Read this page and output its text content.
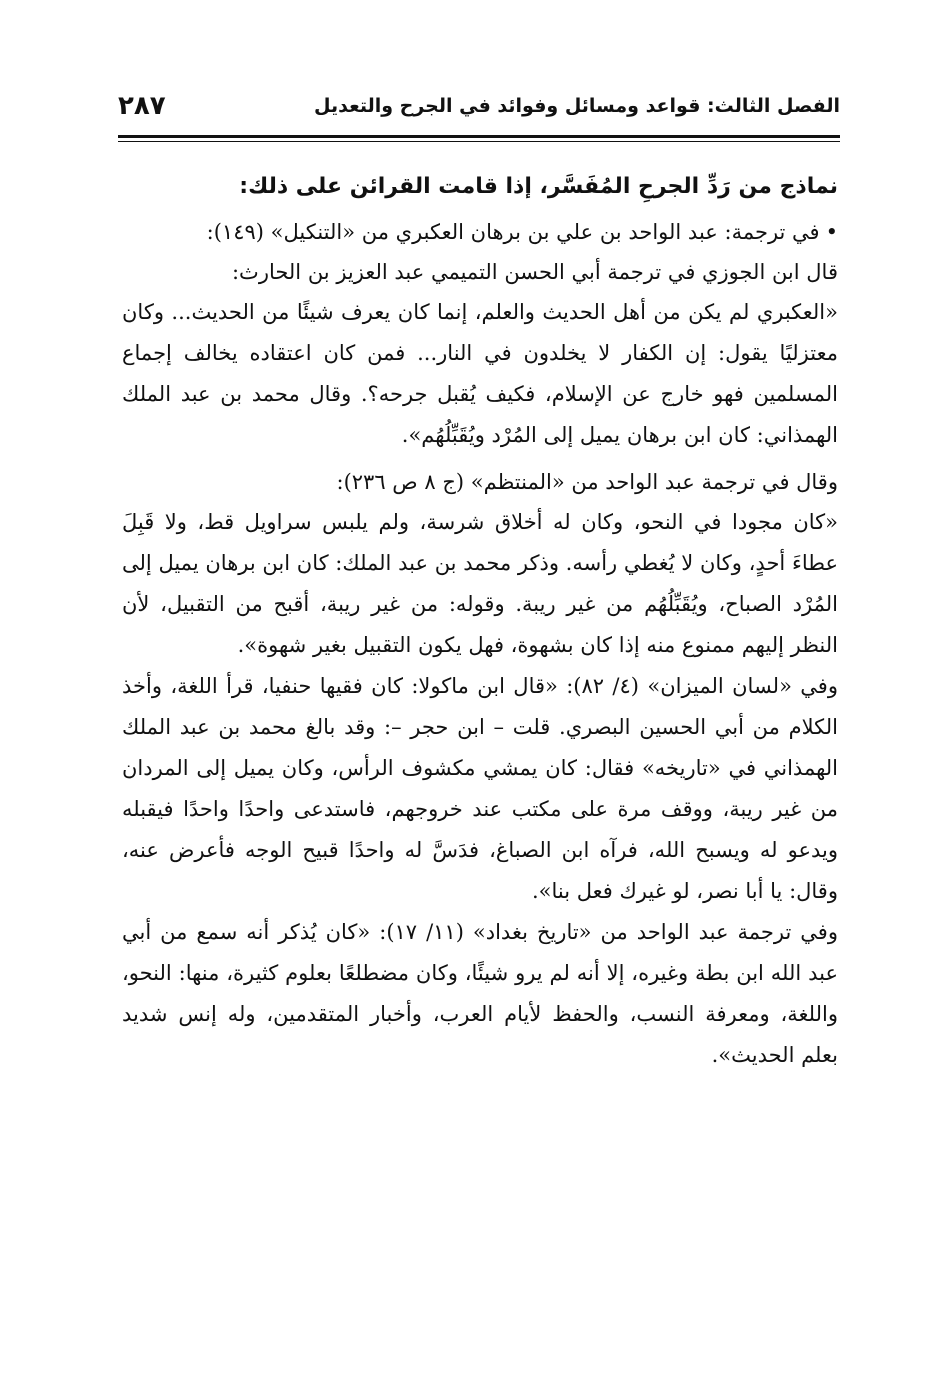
الفصل الثالث: قواعد ومسائل وفوائد في الجرح والتعديل
٢٨٧

نماذج من رَدِّ الجرحِ المُفَسَّر، إذا قامت القرائن على ذلك:

•في ترجمة: عبد الواحد بن علي بن برهان العكبري من «التنكيل» (١٤٩):

قال ابن الجوزي في ترجمة أبي الحسن التميمي عبد العزيز بن الحارث:

«العكبري لم يكن من أهل الحديث والعلم، إنما كان يعرف شيئًا من الحديث... وكان معتزليًا يقول: إن الكفار لا يخلدون في النار... فمن كان اعتقاده يخالف إجماع المسلمين فهو خارج عن الإسلام، فكيف يُقبل جرحه؟. وقال محمد بن عبد الملك الهمذاني: كان ابن برهان يميل إلى المُرْد ويُقَبِّلُهُم».

وقال في ترجمة عبد الواحد من «المنتظم» (ج ٨ ص ٢٣٦):

«كان مجودا في النحو، وكان له أخلاق شرسة، ولم يلبس سراويل قط، ولا قَبِلَ عطاءَ أحدٍ، وكان لا يُغطي رأسه. وذكر محمد بن عبد الملك: كان ابن برهان يميل إلى المُرْد الصباح، ويُقَبِّلُهُم من غير ريبة. وقوله: من غير ريبة، أقبح من التقبيل، لأن النظر إليهم ممنوع منه إذا كان بشهوة، فهل يكون التقبيل بغير شهوة».

وفي «لسان الميزان» (٤/ ٨٢): «قال ابن ماكولا: كان فقيها حنفيا، قرأ اللغة، وأخذ الكلام من أبي الحسين البصري. قلت – ابن حجر –: وقد بالغ محمد بن عبد الملك الهمذاني في «تاريخه» فقال: كان يمشي مكشوف الرأس، وكان يميل إلى المردان من غير ريبة، ووقف مرة على مكتب عند خروجهم، فاستدعى واحدًا واحدًا فيقبله ويدعو له ويسبح الله، فرآه ابن الصباغ، فدَسَّ له واحدًا قبيح الوجه فأعرض عنه، وقال: يا أبا نصر، لو غيرك فعل بنا».

وفي ترجمة عبد الواحد من «تاريخ بغداد» (١١/ ١٧): «كان يُذكر أنه سمع من أبي عبد الله ابن بطة وغيره، إلا أنه لم يرو شيئًا، وكان مضطلعًا بعلوم كثيرة، منها: النحو، واللغة، ومعرفة النسب، والحفظ لأيام العرب، وأخبار المتقدمين، وله إنس شديد بعلم الحديث».
